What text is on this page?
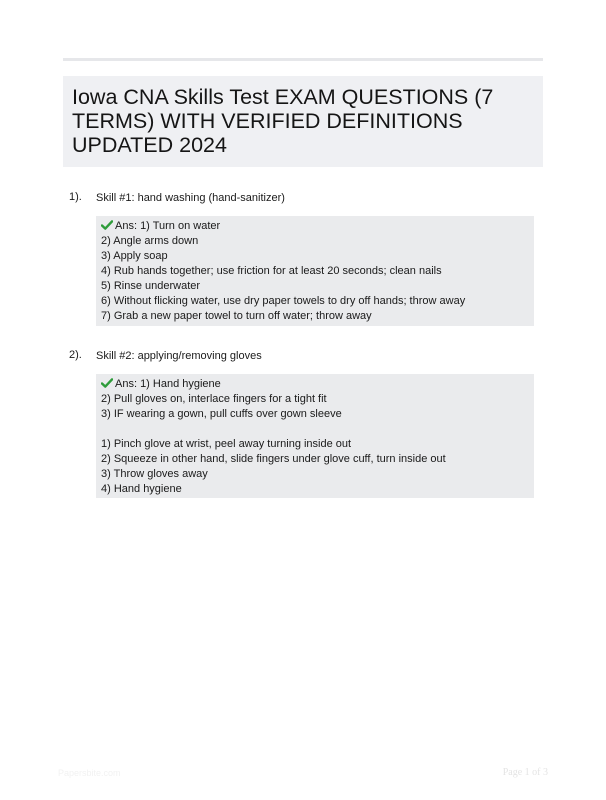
Iowa CNA Skills Test EXAM QUESTIONS (7 TERMS) WITH VERIFIED DEFINITIONS UPDATED 2024
1). Skill #1: hand washing (hand-sanitizer)
Ans: 1) Turn on water
2) Angle arms down
3) Apply soap
4) Rub hands together; use friction for at least 20 seconds; clean nails
5) Rinse underwater
6) Without flicking water, use dry paper towels to dry off hands; throw away
7) Grab a new paper towel to turn off water; throw away
2). Skill #2: applying/removing gloves
Ans: 1) Hand hygiene
2) Pull gloves on, interlace fingers for a tight fit
3) IF wearing a gown, pull cuffs over gown sleeve
1) Pinch glove at wrist, peel away turning inside out
2) Squeeze in other hand, slide fingers under glove cuff, turn inside out
3) Throw gloves away
4) Hand hygiene
Papersbite.com	Page 1 of 3
